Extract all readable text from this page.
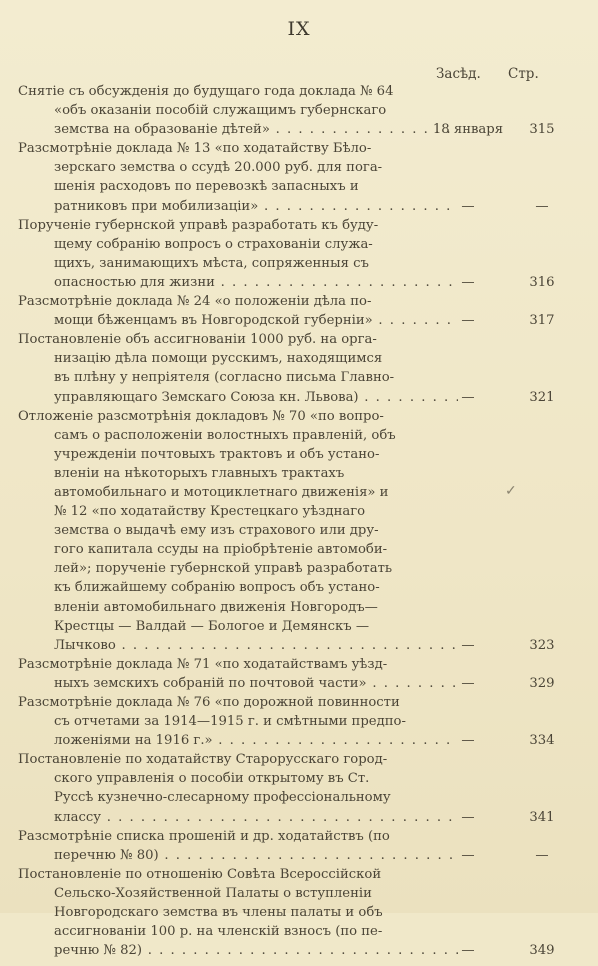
IX
Засѣд. Стр.
Снятіе съ обсужденія до будущаго года доклада № 64
«объ оказаніи пособій служащимъ губернскаго
земства на образованіе дѣтей» . . .	18 января	315
Разсмотрѣніе доклада № 13 «по ходатайству Бѣло-
зерскаго земства о ссудѣ 20.000 руб. для пога-
шенія расходовъ по перевозкѣ запасныхъ и
ратниковъ при мобилизаціи» . . .	—	—
Порученіе губернской управѣ разработать къ буду-
щему собранію вопросъ о страхованіи служа-
щихъ, занимающихъ мѣста, сопряженныя съ
опасностью для жизни . . .	—	316
Разсмотрѣніе доклада № 24 «о положеніи дѣла по-
мощи бѣженцамъ въ Новгородской губерніи» . . .	—	317
Постановленіе объ ассигнованіи 1000 руб. на орга-
низацію дѣла помощи русскимъ, находящимся
въ плѣну у непріятеля (согласно письма Главно-
управляющаго Земскаго Союза кн. Львова) . . .	—	321
Отложеніе разсмотрѣнія докладовъ № 70 «по вопро-
самъ о расположеніи волостныхъ правленій, объ
учрежденіи почтовыхъ трактовъ и объ устано-
вленіи на нѣкоторыхъ главныхъ трактахъ
автомобильнаго и мотоциклетнаго движенія» и
№ 12 «по ходатайству Крестецкаго уѣзднаго
земства о выдачѣ ему изъ страхового или дру-
гого капитала ссуды на пріобрѣтеніе автомоби-
лей»; порученіе губернской управѣ разработать
къ ближайшему собранію вопросъ объ устано-
вленіи автомобильнаго движенія Новгородъ—
Крестцы — Валдай — Бологое и Демянскъ —
Лычково . . .	—	323
Разсмотрѣніе доклада № 71 «по ходатайствамъ уѣзд-
ныхъ земскихъ собраній по почтовой части» . . .	—	329
Разсмотрѣніе доклада № 76 «по дорожной повинности
съ отчетами за 1914—1915 г. и смѣтными предпо-
ложеніями на 1916 г.» . . .	—	334
Постановленіе по ходатайству Старорусскаго город-
ского управленія о пособіи открытому въ Ст.
Руссѣ кузнечно-слесарному профессіональному
классу . . .	—	341
Разсмотрѣніе списка прошеній и др. ходатайствъ (по
перечню № 80) . . .	—	—
Постановленіе по отношенію Совѣта Всероссійской
Сельско-Хозяйственной Палаты о вступленіи
Новгородскаго земства въ члены палаты и объ
ассигнованіи 100 р. на членскій взносъ (по пе-
речню № 82) . . .	—	349
✓
